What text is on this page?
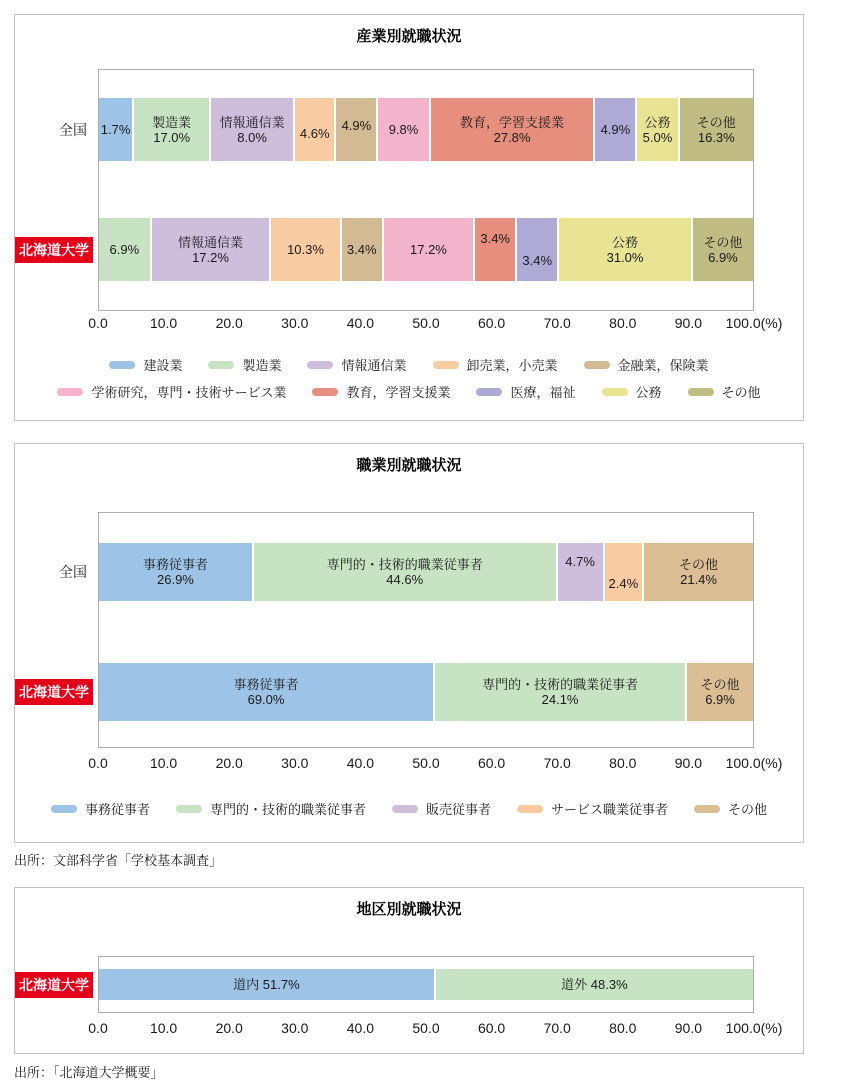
産業別就職状況
全国 1.7% 製造業
17.0%
情報通信業
8.0%	4.6%
4.9% 9.8%	教育，学習支援業
27.8%	4.9% 公務
5.0%
その他
16.3%
北海道大学	6.9%	情報通信業
17.2%	10.3% 3.4%	17.2%
3.4%
3.4%
公務
31.0%
その他
6.9%
0.0	10.0	20.0	30.0	40.0	50.0	60.0	70.0	80.0	90.0 100.0(%)
建設業	製造業	情報通信業	卸売業，小売業	金融業，保険業
学術研究，専門・技術サービス業	教育，学習支援業	医療，福祉	公務	その他
職業別就職状況
全国	事務従事者
26.9%
専門的・技術的職業従事者
44.6%
4.7%
2.4%
その他
21.4%
北海道大学	事務従事者
69.0%
専門的・技術的職業従事者
24.1%
その他
6.9%
0.0	10.0	20.0	30.0	40.0	50.0	60.0	70.0	80.0	90.0 100.0(%)
事務従事者	専門的・技術的職業従事者	販売従事者	サービス職業従事者	その他
出所：文部科学省「学校基本調査」
地区別就職状況
北海道大学	道内 51.7%	道外 48.3%
0.0	10.0	20.0	30.0	40.0	50.0	60.0	70.0	80.0	90.0 100.0(%)
出所：「北海道大学概要」
